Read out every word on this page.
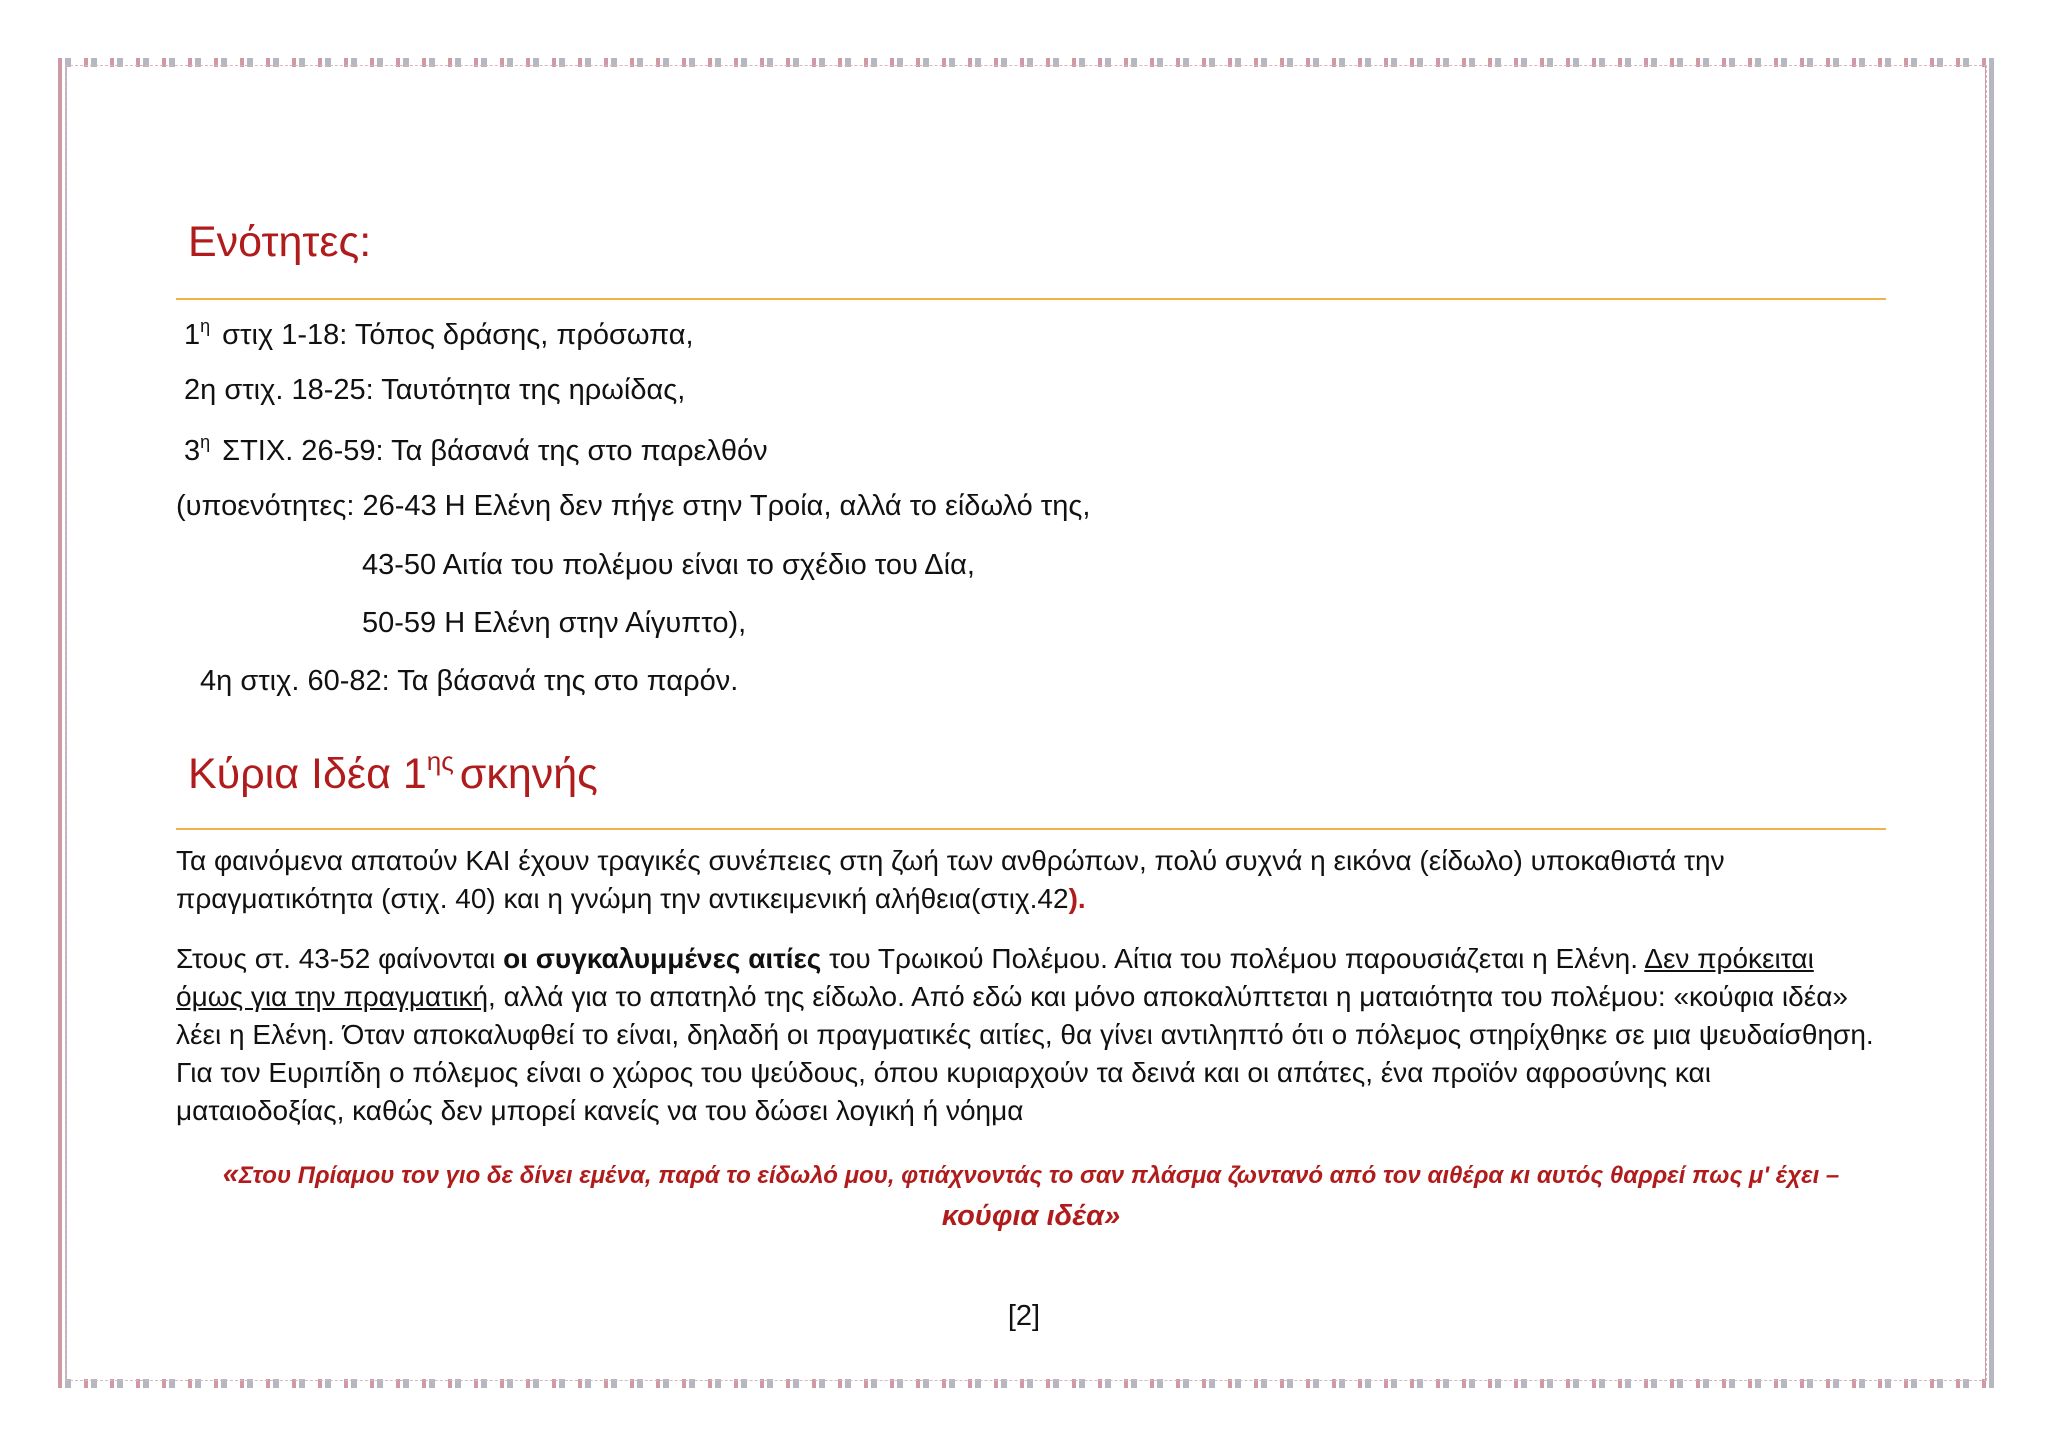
Ενότητες:
$1^\eta$ στιχ 1-18: Τόπος δράσης, πρόσωπα,
2η στιχ. 18-25: Ταυτότητα της ηρωίδας,
$3^\eta$ ΣΤΙΧ. 26-59: Τα βάσανά της στο παρελθόν
(υποενότητες: 26-43 Η Ελένη δεν πήγε στην Τροία, αλλά το είδωλό της,
43-50 Αιτία του πολέμου είναι το σχέδιο του Δία,
50-59 Η Ελένη στην Αίγυπτο),
4η στιχ. 60-82: Τα βάσανά της στο παρόν.
Κύρια Ιδέα $1^{\eta\varsigma}$ σκηνής

Τα φαινόμενα απατούν ΚΑΙ έχουν τραγικές συνέπειες στη ζωή των ανθρώπων, πολύ συχνά η εικόνα (είδωλο) υποκαθιστά την πραγματικότητα (στιχ. 40) και η γνώμη την αντικειμενική αλήθεια(στιχ.42).

Στους στ. 43-52 φαίνονται οι συγκαλυμμένες αιτίες του Τρωικού Πολέμου. Αίτια του πολέμου παρουσιάζεται η Ελένη. Δεν πρόκειται όμως για την πραγματική, αλλά για το απατηλό της είδωλο. Από εδώ και μόνο αποκαλύπτεται η ματαιότητα του πολέμου: «κούφια ιδέα» λέει η Ελένη. Όταν αποκαλυφθεί το είναι, δηλαδή οι πραγματικές αιτίες, θα γίνει αντιληπτό ότι ο πόλεμος στηρίχθηκε σε μια ψευδαίσθηση. Για τον Ευριπίδη ο πόλεμος είναι ο χώρος του ψεύδους, όπου κυριαρχούν τα δεινά και οι απάτες, ένα προϊόν αφροσύνης και ματαιοδοξίας, καθώς δεν μπορεί κανείς να του δώσει λογική ή νόημα

«Στου Πρίαμου τον γιο δε δίνει εμένα, παρά το είδωλό μου, φτιάχνοντάς το σαν πλάσμα ζωντανό από τον αιθέρα κι αυτός θαρρεί πως μ' έχει –
κούφια ιδέα»
[2]
